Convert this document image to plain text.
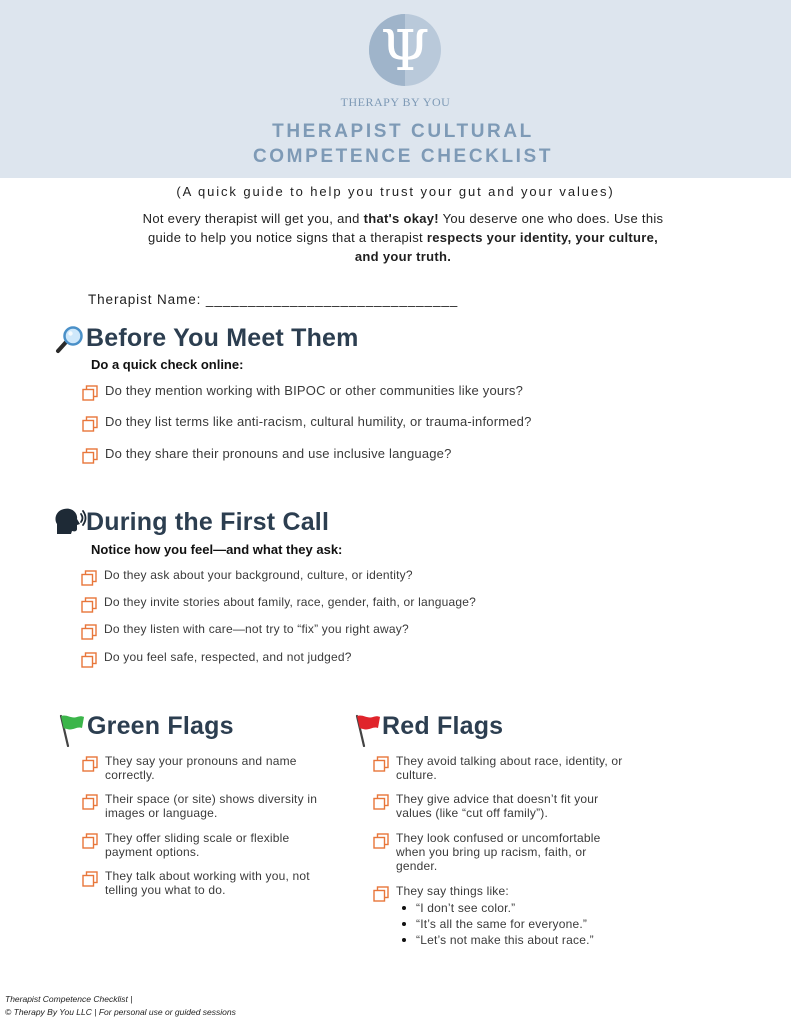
Ψ
THERAPY BY YOU
THERAPIST CULTURAL
COMPETENCE CHECKLIST
(A quick guide to help you trust your gut and your values)
Not every therapist will get you, and that's okay! You deserve one who does. Use this guide to help you notice signs that a therapist respects your identity, your culture, and your truth.
Therapist Name: ______________________________
Before You Meet Them
Do a quick check online:
Do they mention working with BIPOC or other communities like yours?
Do they list terms like anti-racism, cultural humility, or trauma-informed?
Do they share their pronouns and use inclusive language?
During the First Call
Notice how you feel—and what they ask:
Do they ask about your background, culture, or identity?
Do they invite stories about family, race, gender, faith, or language?
Do they listen with care—not try to “fix” you right away?
Do you feel safe, respected, and not judged?
Green Flags
They say your pronouns and name correctly.
Their space (or site) shows diversity in images or language.
They offer sliding scale or flexible payment options.
They talk about working with you, not telling you what to do.
Red Flags
They avoid talking about race, identity, or culture.
They give advice that doesn’t fit your values (like “cut off family”).
They look confused or uncomfortable when you bring up racism, faith, or gender.
They say things like:
“I don’t see color.”
“It’s all the same for everyone.”
“Let’s not make this about race.”
Therapist Competence Checklist |
© Therapy By You LLC | For personal use or guided sessions
